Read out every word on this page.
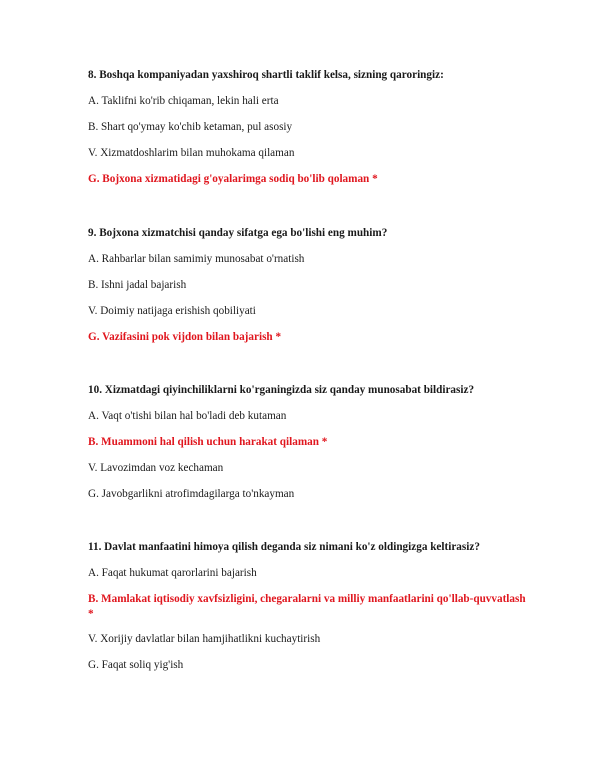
8. Boshqa kompaniyadan yaxshiroq shartli taklif kelsa, sizning qaroringiz:

A. Taklifni ko'rib chiqaman, lekin hali erta

B. Shart qo'ymay ko'chib ketaman, pul asosiy

V. Xizmatdoshlarim bilan muhokama qilaman

G. Bojxona xizmatidagi g'oyalarimga sodiq bo'lib qolaman *

9. Bojxona xizmatchisi qanday sifatga ega bo'lishi eng muhim?

A. Rahbarlar bilan samimiy munosabat o'rnatish

B. Ishni jadal bajarish

V. Doimiy natijaga erishish qobiliyati

G. Vazifasini pok vijdon bilan bajarish *

10. Xizmatdagi qiyinchiliklarni ko'rganingizda siz qanday munosabat bildirasiz?

A. Vaqt o'tishi bilan hal bo'ladi deb kutaman

B. Muammoni hal qilish uchun harakat qilaman *

V. Lavozimdan voz kechaman

G. Javobgarlikni atrofimdagilarga to'nkayman

11. Davlat manfaatini himoya qilish deganda siz nimani ko'z oldingizga keltirasiz?

A. Faqat hukumat qarorlarini bajarish

B. Mamlakat iqtisodiy xavfsizligini, chegaralarni va milliy manfaatlarini qo'llab-quvvatlash *

V. Xorijiy davlatlar bilan hamjihatlikni kuchaytirish

G. Faqat soliq yig'ish
